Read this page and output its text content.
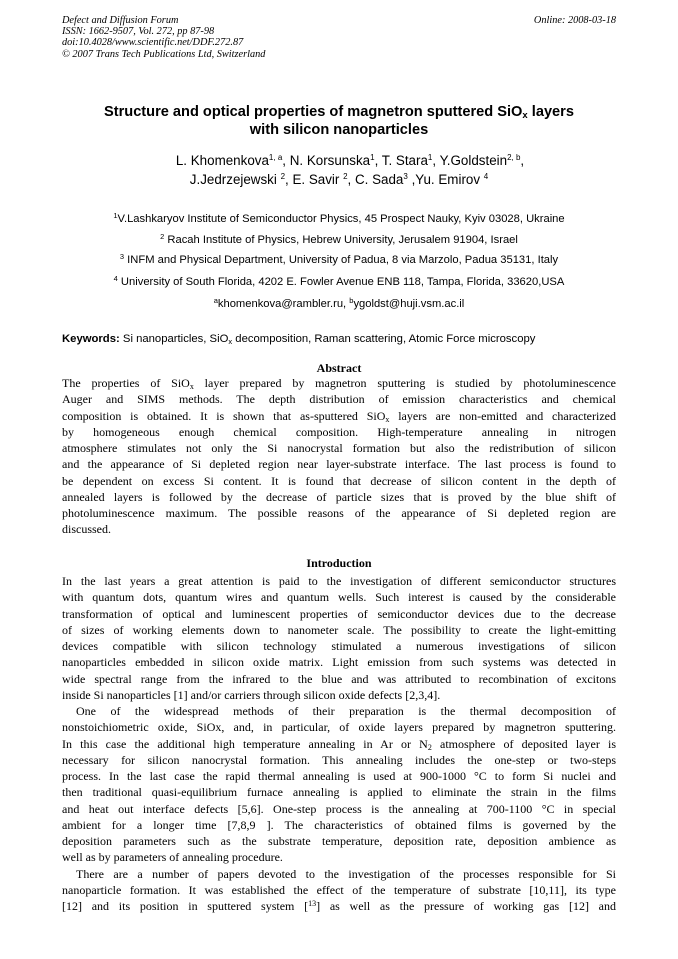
Defect and Diffusion Forum
ISSN: 1662-9507, Vol. 272, pp 87-98
doi:10.4028/www.scientific.net/DDF.272.87
© 2007 Trans Tech Publications Ltd, Switzerland
Online: 2008-03-18
Structure and optical properties of magnetron sputtered SiO$_x$ layers
with silicon nanoparticles
L. Khomenkova$^{1, a}$, N. Korsunska$^1$, T. Stara$^1$, Y.Goldstein$^{2, b}$,
J.Jedrzejewski $^2$, E. Savir $^2$, C. Sada$^3$ ,Yu. Emirov $^4$
$^1$V.Lashkaryov Institute of Semiconductor Physics, 45 Prospect Nauky, Kyiv 03028, Ukraine
$^2$ Racah Institute of Physics, Hebrew University, Jerusalem 91904, Israel
$^3$ INFM and Physical Department, University of Padua, 8 via Marzolo, Padua 35131, Italy
$^4$ University of South Florida, 4202 E. Fowler Avenue ENB 118, Tampa, Florida, 33620,USA
$^a$khomenkova@rambler.ru, $^b$ygoldst@huji.vsm.ac.il
Keywords: Si nanoparticles, SiO$_x$ decomposition, Raman scattering, Atomic Force microscopy
Abstract
The properties of SiO$_x$ layer prepared by magnetron sputtering is studied by photoluminescence
Auger and SIMS methods. The depth distribution of emission characteristics and chemical
composition is obtained. It is shown that as-sputtered SiO$_x$ layers are non-emitted and characterized
by homogeneous enough chemical composition. High-temperature annealing in nitrogen
atmosphere stimulates not only the Si nanocrystal formation but also the redistribution of silicon
and the appearance of Si depleted region near layer-substrate interface. The last process is found to
be dependent on excess Si content. It is found that decrease of silicon content in the depth of
annealed layers is followed by the decrease of particle sizes that is proved by the blue shift of
photoluminescence maximum. The possible reasons of the appearance of Si depleted region are
discussed.
Introduction
In the last years a great attention is paid to the investigation of different semiconductor structures
with quantum dots, quantum wires and quantum wells. Such interest is caused by the considerable
transformation of optical and luminescent properties of semiconductor devices due to the decrease
of sizes of working elements down to nanometer scale. The possibility to create the light-emitting
devices compatible with silicon technology stimulated a numerous investigations of silicon
nanoparticles embedded in silicon oxide matrix. Light emission from such systems was detected in
wide spectral range from the infrared to the blue and was attributed to recombination of excitons
inside Si nanoparticles [1] and/or carriers through silicon oxide defects [2,3,4].
One of the widespread methods of their preparation is the thermal decomposition of
nonstoichiometric oxide, SiOx, and, in particular, of oxide layers prepared by magnetron sputtering.
In this case the additional high temperature annealing in Ar or $N_2$ atmosphere of deposited layer is
necessary for silicon nanocrystal formation. This annealing includes the one-step or two-steps
process. In the last case the rapid thermal annealing is used at 900-1000 °C to form Si nuclei and
then traditional quasi-equilibrium furnace annealing is applied to eliminate the strain in the films
and heat out interface defects [5,6]. One-step process is the annealing at 700-1100 °C in special
ambient for a longer time [7,8,9 ]. The characteristics of obtained films is governed by the
deposition parameters such as the substrate temperature, deposition rate, deposition ambience as
well as by parameters of annealing procedure.
There are a number of papers devoted to the investigation of the processes responsible for Si
nanoparticle formation. It was established the effect of the temperature of substrate [10,11], its type
[12] and its position in sputtered system [$^{13}$] as well as the pressure of working gas [12] and
